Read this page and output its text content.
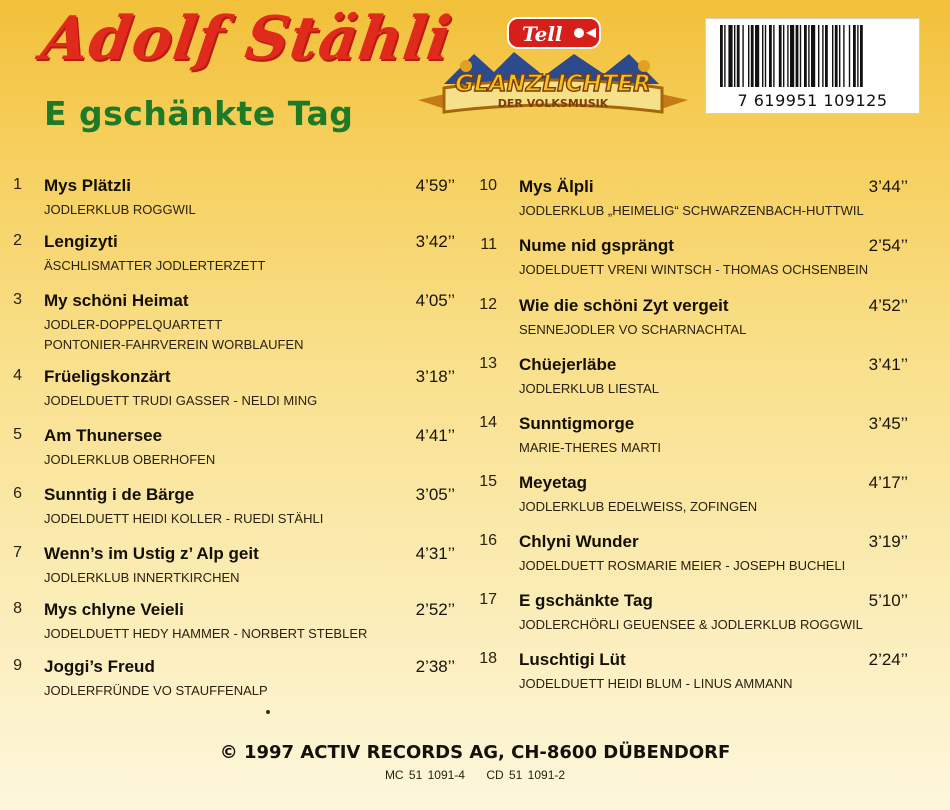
Adolf Stähli
E gschänkte Tag
Tell
GLANZLICHTER
DER VOLKSMUSIK	7 619951 109125
1 Mys Plätzli	4’59’’
JODLERKLUB ROGGWIL
2 Lengizyti	3’42’’
ÄSCHLISMATTER JODLERTERZETT
3 My schöni Heimat	4’05’’
JODLER-DOPPELQUARTETT
PONTONIER-FAHRVEREIN WORBLAUFEN
4 Früeligskonzärt	3’18’’
JODELDUETT TRUDI GASSER - NELDI MING
5 Am Thunersee	4’41’’
JODLERKLUB OBERHOFEN
6 Sunntig i de Bärge	3’05’’
JODELDUETT HEIDI KOLLER - RUEDI STÄHLI
7 Wenn’s im Ustig z’ Alp geit	4’31’’
JODLERKLUB INNERTKIRCHEN
8 Mys chlyne Veieli	2’52’’
JODELDUETT HEDY HAMMER - NORBERT STEBLER
9 Joggi’s Freud	2’38’’
JODLERFRÜNDE VO STAUFFENALP
10 Mys Älpli	3’44’’
JODLERKLUB „HEIMELIG“ SCHWARZENBACH-HUTTWIL
11 Nume nid gsprängt	2’54’’
JODELDUETT VRENI WINTSCH - THOMAS OCHSENBEIN
12 Wie die schöni Zyt vergeit	4’52’’
SENNEJODLER VO SCHARNACHTAL
13 Chüejerläbe	3’41’’
JODLERKLUB LIESTAL
14 Sunntigmorge	3’45’’
MARIE-THERES MARTI
15 Meyetag	4’17’’
JODLERKLUB EDELWEISS, ZOFINGEN
16 Chlyni Wunder	3’19’’
JODELDUETT ROSMARIE MEIER - JOSEPH BUCHELI
17 E gschänkte Tag	5’10’’
JODLERCHÖRLI GEUENSEE & JODLERKLUB ROGGWIL
18 Luschtigi Lüt	2’24’’
JODELDUETT HEIDI BLUM - LINUS AMMANN
© 1997 ACTIV RECORDS AG, CH-8600 DÜBENDORF
MC 51 1091-4 CD 51 1091-2
